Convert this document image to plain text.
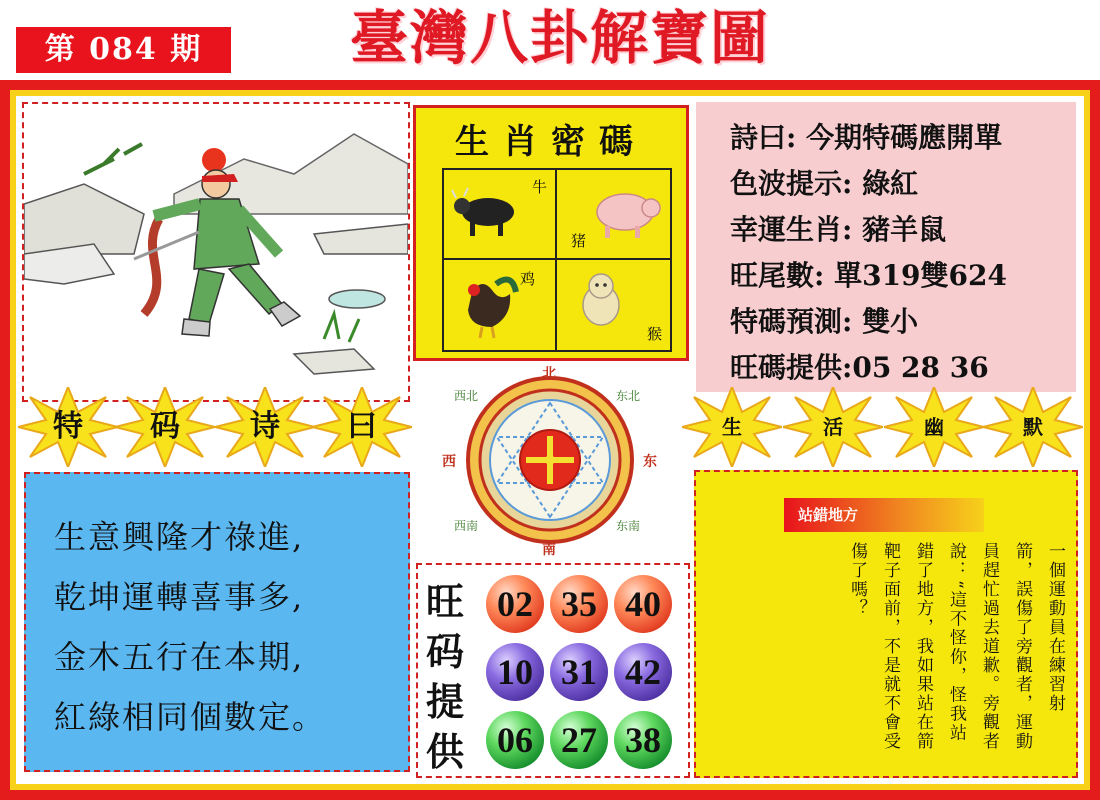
第 084 期	臺灣八卦解寶圖
特	码	诗	曰
生意興隆才祿進,
乾坤運轉喜事多,
金木五行在本期,
紅綠相同個數定。
生肖密碼
牛
猪
鸡
猴
北
东
南
西
西北	东北
东南
西南
詩曰: 今期特碼應開單
色波提示: 綠紅
幸運生肖: 豬羊鼠
旺尾數: 單319雙624
特碼預測: 雙小
旺碼提供:05 28 36
生	活	幽	默
旺码提供
02 35 40
10 31 42
06 27 38
站錯地方
一個運動員在練習射
箭，誤傷了旁觀者，運動
員趕忙過去道歉。旁觀者
說：“這不怪你，怪我站
錯了地方，我如果站在箭
靶子面前，不是就不會受
傷了嗎？
